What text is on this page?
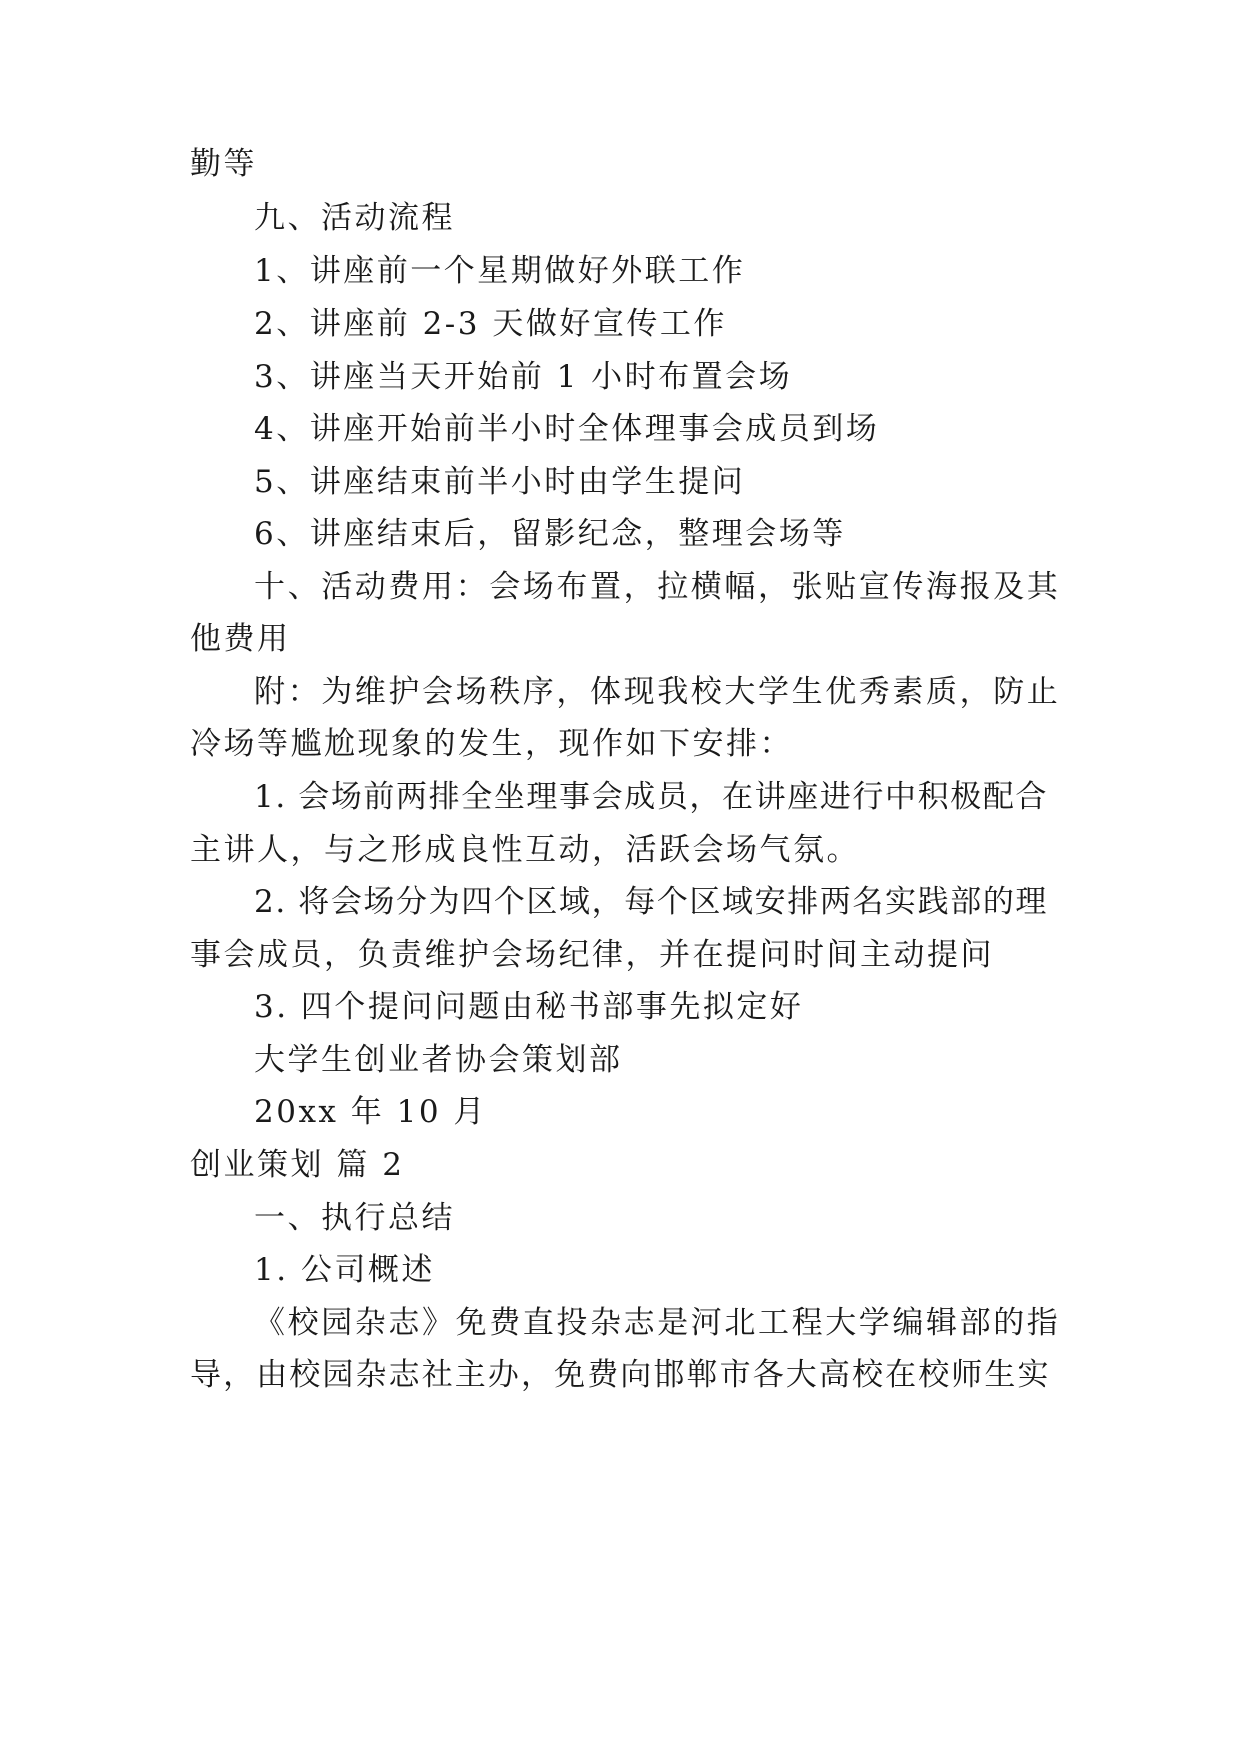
勤等
九、活动流程
1、讲座前一个星期做好外联工作
2、讲座前 2-3 天做好宣传工作
3、讲座当天开始前 1 小时布置会场
4、讲座开始前半小时全体理事会成员到场
5、讲座结束前半小时由学生提问
6、讲座结束后，留影纪念，整理会场等
十、活动费用：会场布置，拉横幅，张贴宣传海报及其
他费用
附：为维护会场秩序，体现我校大学生优秀素质，防止
冷场等尴尬现象的发生，现作如下安排：
1. 会场前两排全坐理事会成员，在讲座进行中积极配合
主讲人，与之形成良性互动，活跃会场气氛。
2. 将会场分为四个区域，每个区域安排两名实践部的理
事会成员，负责维护会场纪律，并在提问时间主动提问
3. 四个提问问题由秘书部事先拟定好
大学生创业者协会策划部
20xx 年 10 月
创业策划 篇 2
一、执行总结
1. 公司概述
《校园杂志》免费直投杂志是河北工程大学编辑部的指
导，由校园杂志社主办，免费向邯郸市各大高校在校师生实
